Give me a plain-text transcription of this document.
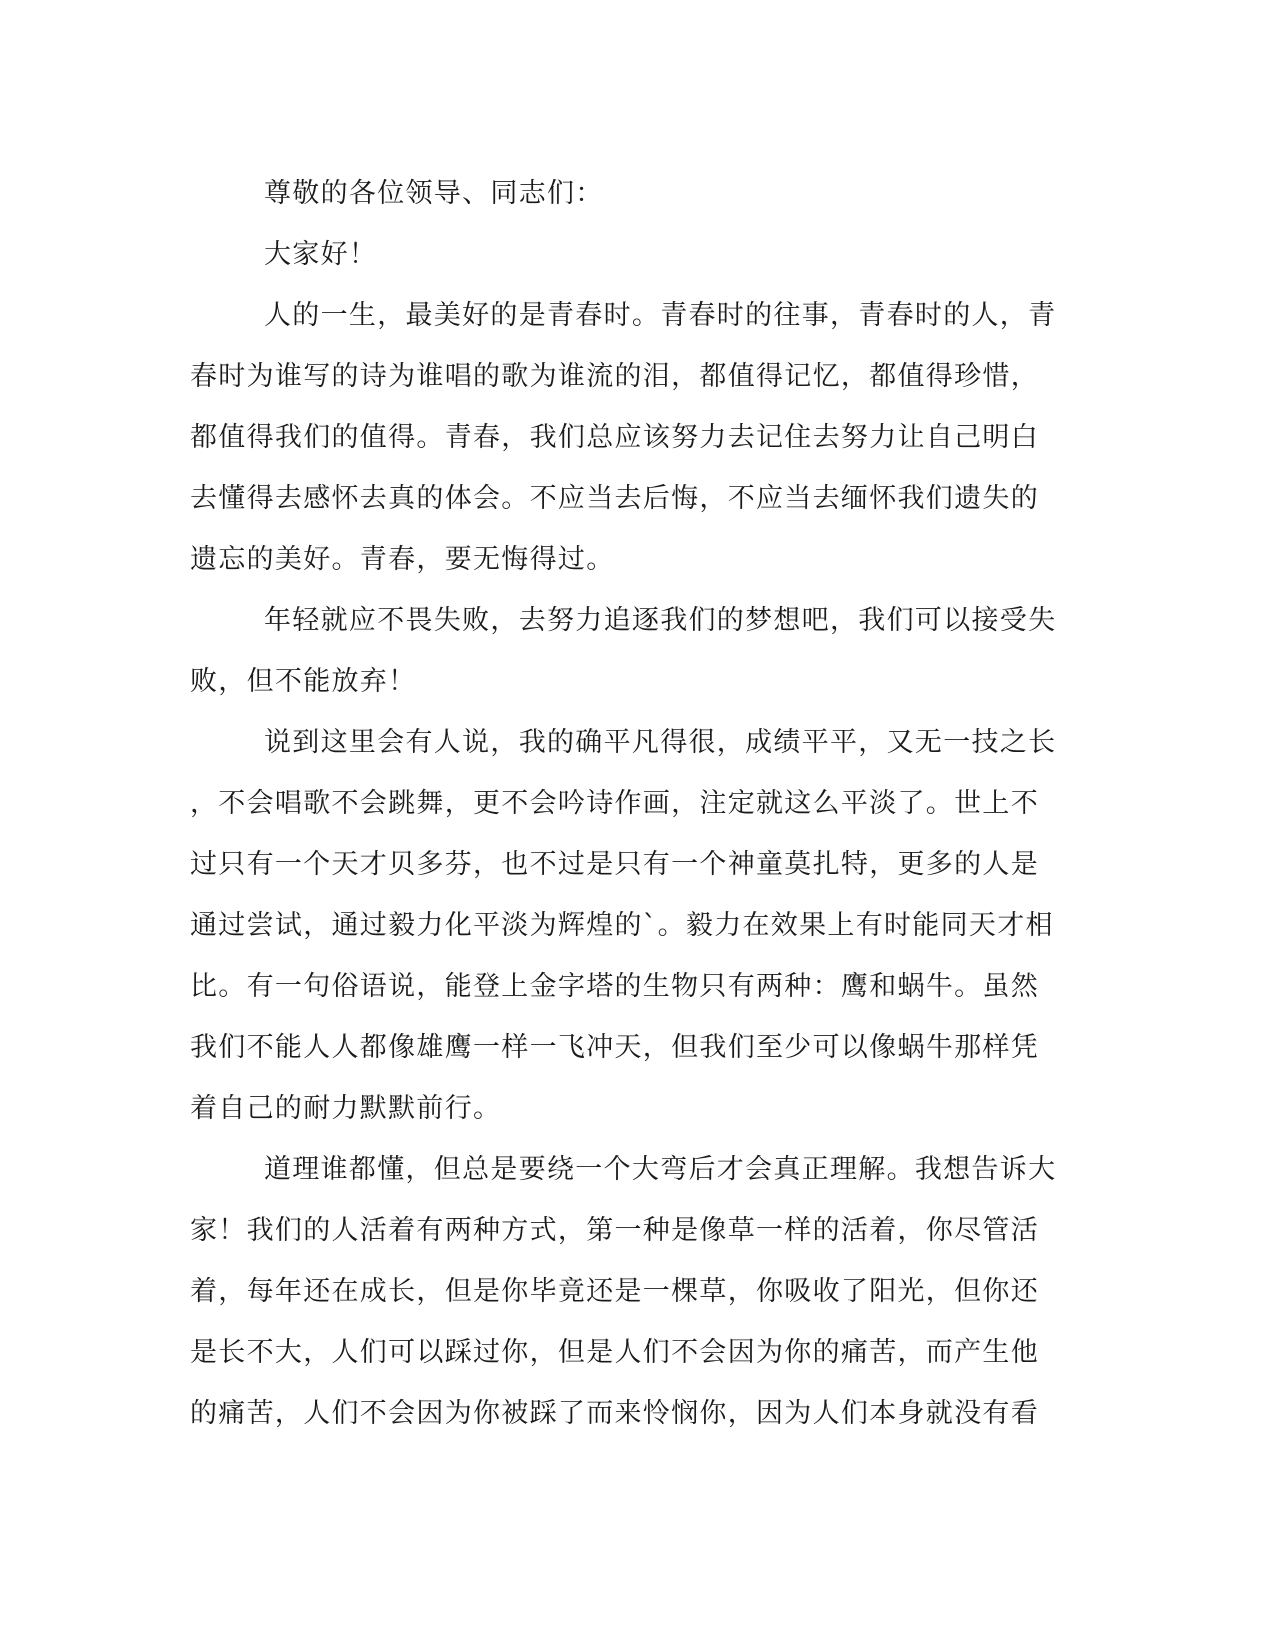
尊敬的各位领导、同志们：
大家好！
人的一生，最美好的是青春时。青春时的往事，青春时的人，青
春时为谁写的诗为谁唱的歌为谁流的泪，都值得记忆，都值得珍惜，
都值得我们的值得。青春，我们总应该努力去记住去努力让自己明白
去懂得去感怀去真的体会。不应当去后悔，不应当去缅怀我们遗失的
遗忘的美好。青春，要无悔得过。
年轻就应不畏失败，去努力追逐我们的梦想吧，我们可以接受失
败，但不能放弃！
说到这里会有人说，我的确平凡得很，成绩平平，又无一技之长
，不会唱歌不会跳舞，更不会吟诗作画，注定就这么平淡了。世上不
过只有一个天才贝多芬，也不过是只有一个神童莫扎特，更多的人是
通过尝试，通过毅力化平淡为辉煌的`。毅力在效果上有时能同天才相
比。有一句俗语说，能登上金字塔的生物只有两种：鹰和蜗牛。虽然
我们不能人人都像雄鹰一样一飞冲天，但我们至少可以像蜗牛那样凭
着自己的耐力默默前行。
道理谁都懂，但总是要绕一个大弯后才会真正理解。我想告诉大
家！我们的人活着有两种方式，第一种是像草一样的活着，你尽管活
着，每年还在成长，但是你毕竟还是一棵草，你吸收了阳光，但你还
是长不大，人们可以踩过你，但是人们不会因为你的痛苦，而产生他
的痛苦，人们不会因为你被踩了而来怜悯你，因为人们本身就没有看
